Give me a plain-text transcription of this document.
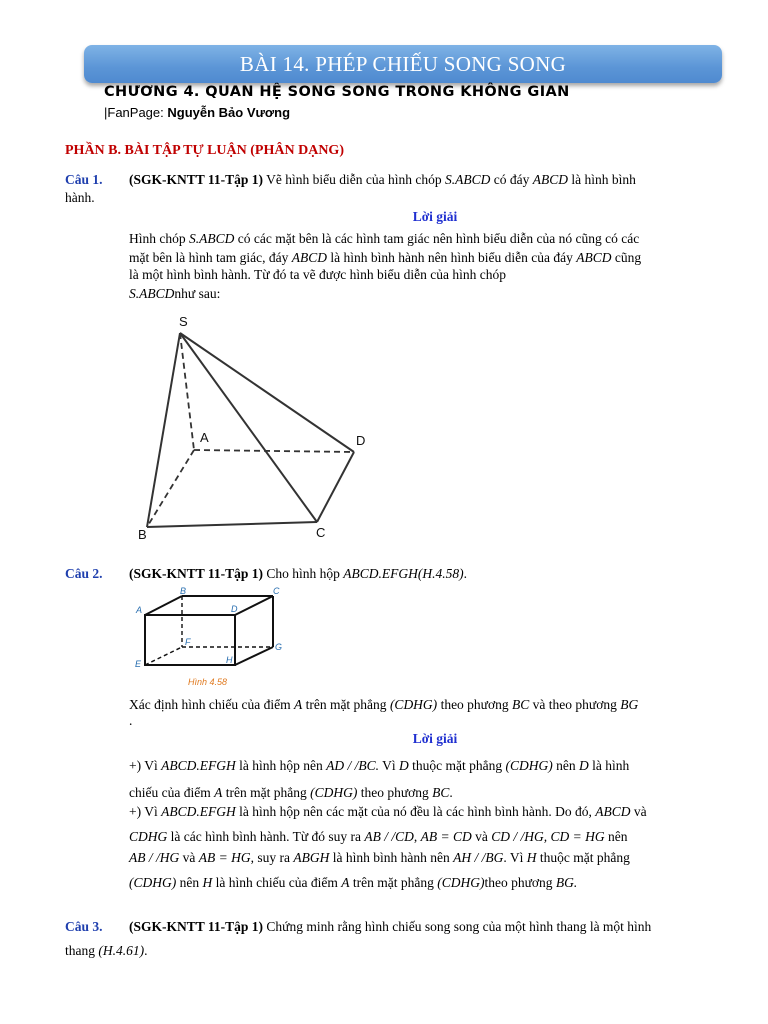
BÀI 14. PHÉP CHIẾU SONG SONG
CHƯƠNG 4. QUAN HỆ SONG SONG TRONG KHÔNG GIAN
|FanPage: Nguyễn Bảo Vương
PHẦN B. BÀI TẬP TỰ LUẬN (PHÂN DẠNG)
Câu 1. (SGK-KNTT 11-Tập 1) Vẽ hình biểu diễn của hình chóp S.ABCD có đáy ABCD là hình bình
hành.
Lời giải
Hình chóp S.ABCD có các mặt bên là các hình tam giác nên hình biểu diễn của nó cũng có các
mặt bên là hình tam giác, đáy ABCD là hình bình hành nên hình biểu diễn của đáy ABCD cũng
là một hình bình hành. Từ đó ta vẽ được hình biểu diễn của hình chóp
S.ABCDnhư sau:
S
A
B	C
D
Câu 2. (SGK-KNTT 11-Tập 1) Cho hình hộp ABCD.EFGH(H.4.58).
A
B	C
D
E
F	G
H
Hình 4.58
Xác định hình chiếu của điểm A trên mặt phẳng (CDHG) theo phương BC và theo phương BG
.
Lời giải
+) Vì ABCD.EFGH là hình hộp nên AD / /BC. Vì D thuộc mặt phẳng (CDHG) nên D là hình
chiếu của điểm A trên mặt phẳng (CDHG) theo phương BC.
+) Vì ABCD.EFGH là hình hộp nên các mặt của nó đều là các hình bình hành. Do đó, ABCD và
CDHG là các hình bình hành. Từ đó suy ra AB / /CD, AB = CD và CD / /HG, CD = HG nên
AB / /HG và AB = HG, suy ra ABGH là hình bình hành nên AH / /BG. Vì H thuộc mặt phẳng
(CDHG) nên H là hình chiếu của điểm A trên mặt phẳng (CDHG)theo phương BG.
Câu 3. (SGK-KNTT 11-Tập 1) Chứng minh rằng hình chiếu song song của một hình thang là một hình
thang (H.4.61).
